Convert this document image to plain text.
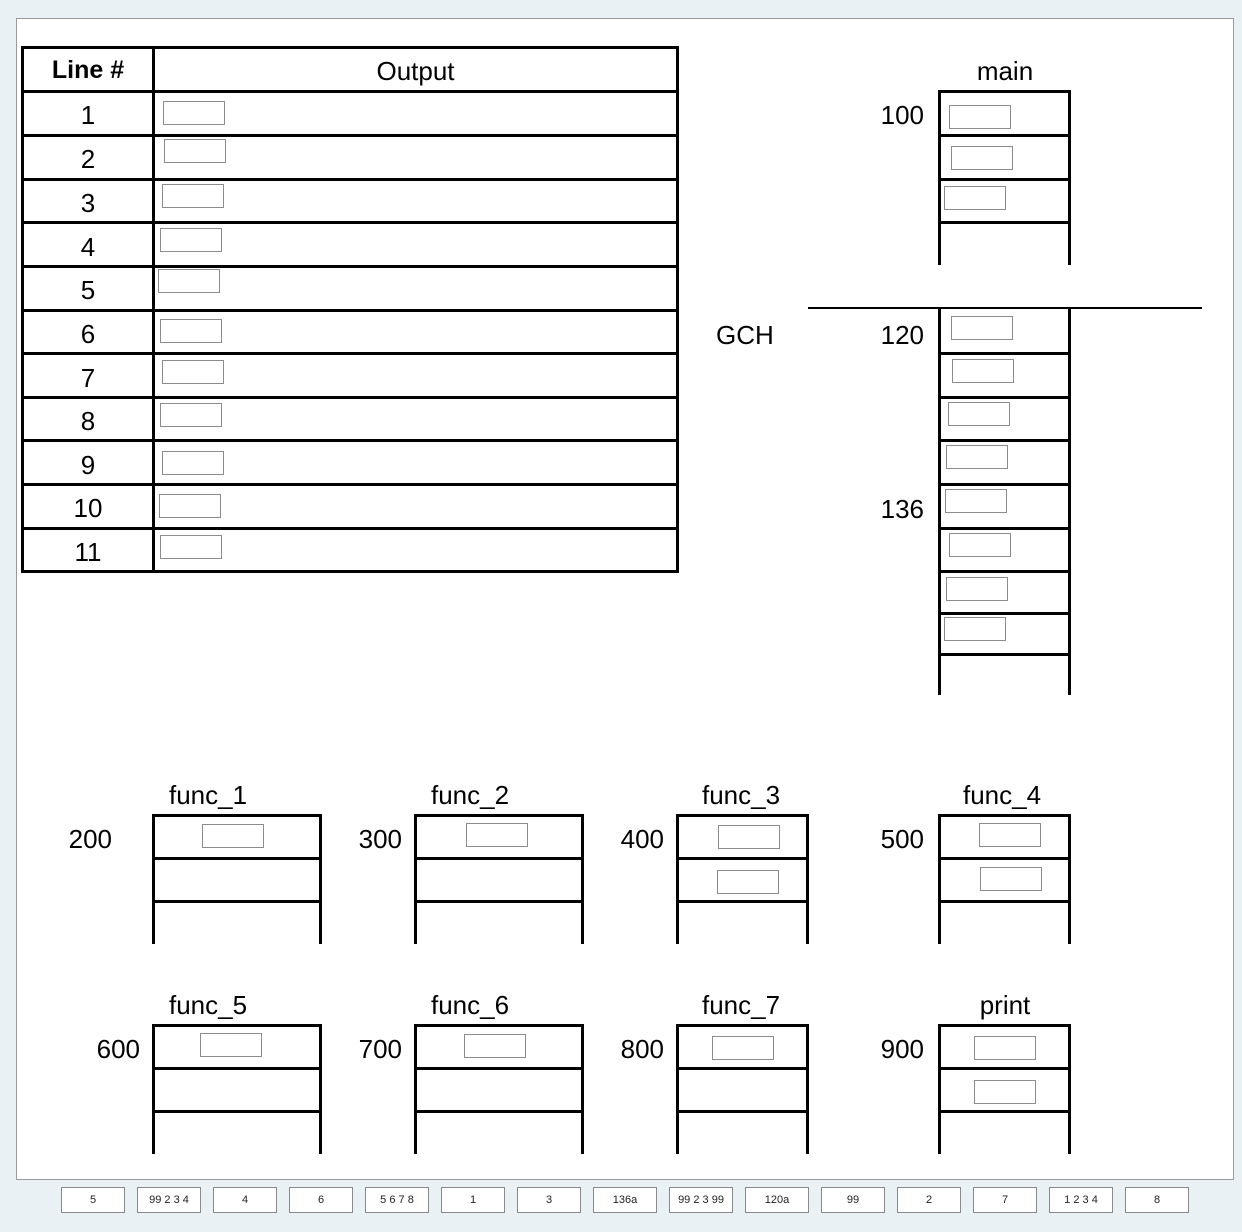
Line #	Output
1
2
3
4
5
6
7
8
9
10
11
main
100
GCH	120
136
func_1
200
func_2
300
func_3
400
func_4
500
func_5
600
func_6
700
func_7
800
print
900
5	99 2 3 4	4	6	5 6 7 8	1	3	136a	99 2 3 99	120a	99	2	7	1 2 3 4	8
